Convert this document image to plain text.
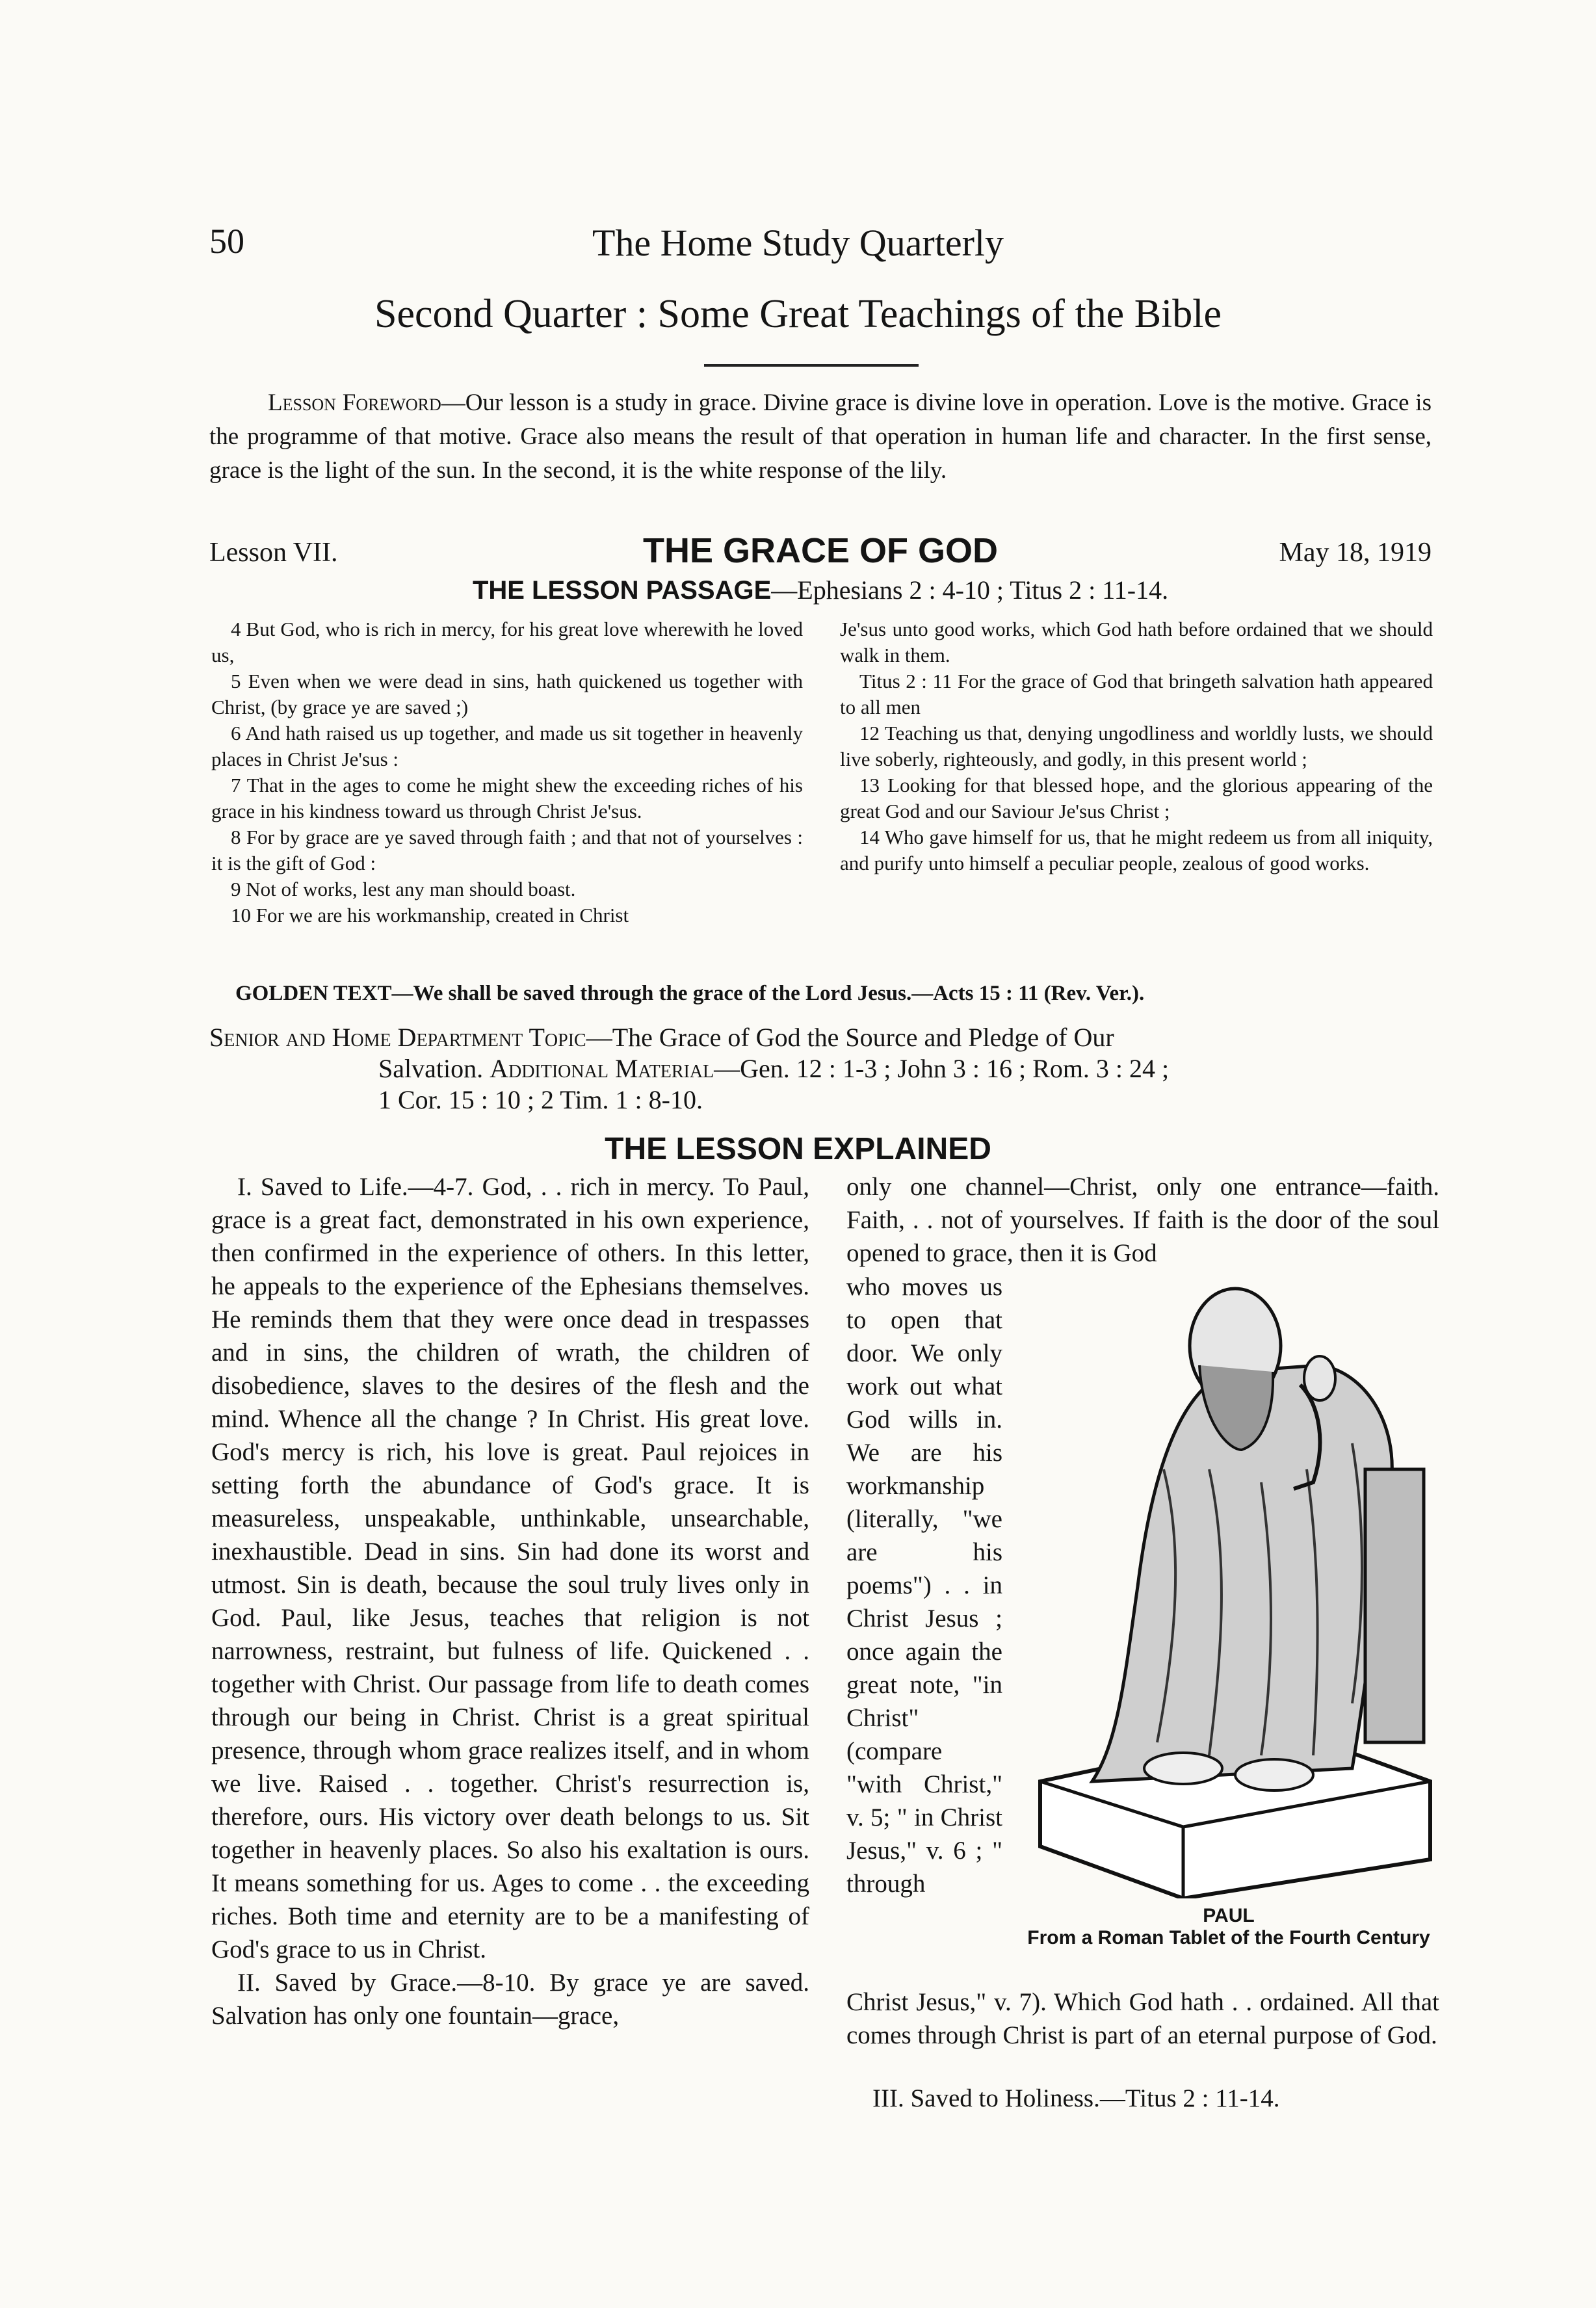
50	The Home Study Quarterly
Second Quarter : Some Great Teachings of the Bible
Lesson Foreword—Our lesson is a study in grace. Divine grace is divine love in operation. Love is the motive. Grace is the programme of that motive. Grace also means the result of that operation in human life and character. In the first sense, grace is the light of the sun. In the second, it is the white response of the lily.
Lesson VII.	THE GRACE OF GOD	May 18, 1919
THE LESSON PASSAGE—Ephesians 2 : 4-10 ; Titus 2 : 11-14.

4 But God, who is rich in mercy, for his great love wherewith he loved us,

5 Even when we were dead in sins, hath quickened us together with Christ, (by grace ye are saved ;)

6 And hath raised us up together, and made us sit together in heavenly places in Christ Je'sus :

7 That in the ages to come he might shew the exceeding riches of his grace in his kindness toward us through Christ Je'sus.

8 For by grace are ye saved through faith ; and that not of yourselves : it is the gift of God :

9 Not of works, lest any man should boast.

10 For we are his workmanship, created in Christ

Je'sus unto good works, which God hath before ordained that we should walk in them.

Titus 2 : 11 For the grace of God that bringeth salvation hath appeared to all men

12 Teaching us that, denying ungodliness and worldly lusts, we should live soberly, righteously, and godly, in this present world ;

13 Looking for that blessed hope, and the glorious appearing of the great God and our Saviour Je'sus Christ ;

14 Who gave himself for us, that he might redeem us from all iniquity, and purify unto himself a peculiar people, zealous of good works.

GOLDEN TEXT—We shall be saved through the grace of the Lord Jesus.—Acts 15 : 11 (Rev. Ver.).
Senior and Home Department Topic—The Grace of God the Source and Pledge of Our
Salvation. Additional Material—Gen. 12 : 1-3 ; John 3 : 16 ; Rom. 3 : 24 ;
1 Cor. 15 : 10 ; 2 Tim. 1 : 8-10.
THE LESSON EXPLAINED

I. Saved to Life.—4-7. God, . . rich in mercy. To Paul, grace is a great fact, demonstrated in his own experience, then confirmed in the experience of others. In this letter, he appeals to the experience of the Ephesians themselves. He reminds them that they were once dead in trespasses and in sins, the children of wrath, the children of disobedience, slaves to the desires of the flesh and the mind. Whence all the change ? In Christ. His great love. God's mercy is rich, his love is great. Paul rejoices in setting forth the abundance of God's grace. It is measureless, unspeakable, unthinkable, unsearchable, inexhaustible. Dead in sins. Sin had done its worst and utmost. Sin is death, because the soul truly lives only in God. Paul, like Jesus, teaches that religion is not narrowness, restraint, but fulness of life. Quickened . . together with Christ. Our passage from life to death comes through our being in Christ. Christ is a great spiritual presence, through whom grace realizes itself, and in whom we live. Raised . . together. Christ's resurrection is, therefore, ours. His victory over death belongs to us. Sit together in heavenly places. So also his exaltation is ours. It means something for us. Ages to come . . the exceeding riches. Both time and eternity are to be a manifesting of God's grace to us in Christ.

II. Saved by Grace.—8-10. By grace ye are saved. Salvation has only one fountain—grace,

only one channel—Christ, only one entrance—faith. Faith, . . not of yourselves. If faith is the door of the soul opened to grace, then it is God

who moves us to open that door. We only work out what God wills in. We are his workmanship (literally, "we are his poems") . . in Christ Jesus ; once again the great note, "in Christ" (compare "with Christ," v. 5; " in Christ Jesus," v. 6 ; " through

PAUL
From a Roman Tablet of the Fourth Century

Christ Jesus," v. 7). Which God hath . . ordained. All that comes through Christ is part of an eternal purpose of God.

III. Saved to Holiness.—Titus 2 : 11-14.
